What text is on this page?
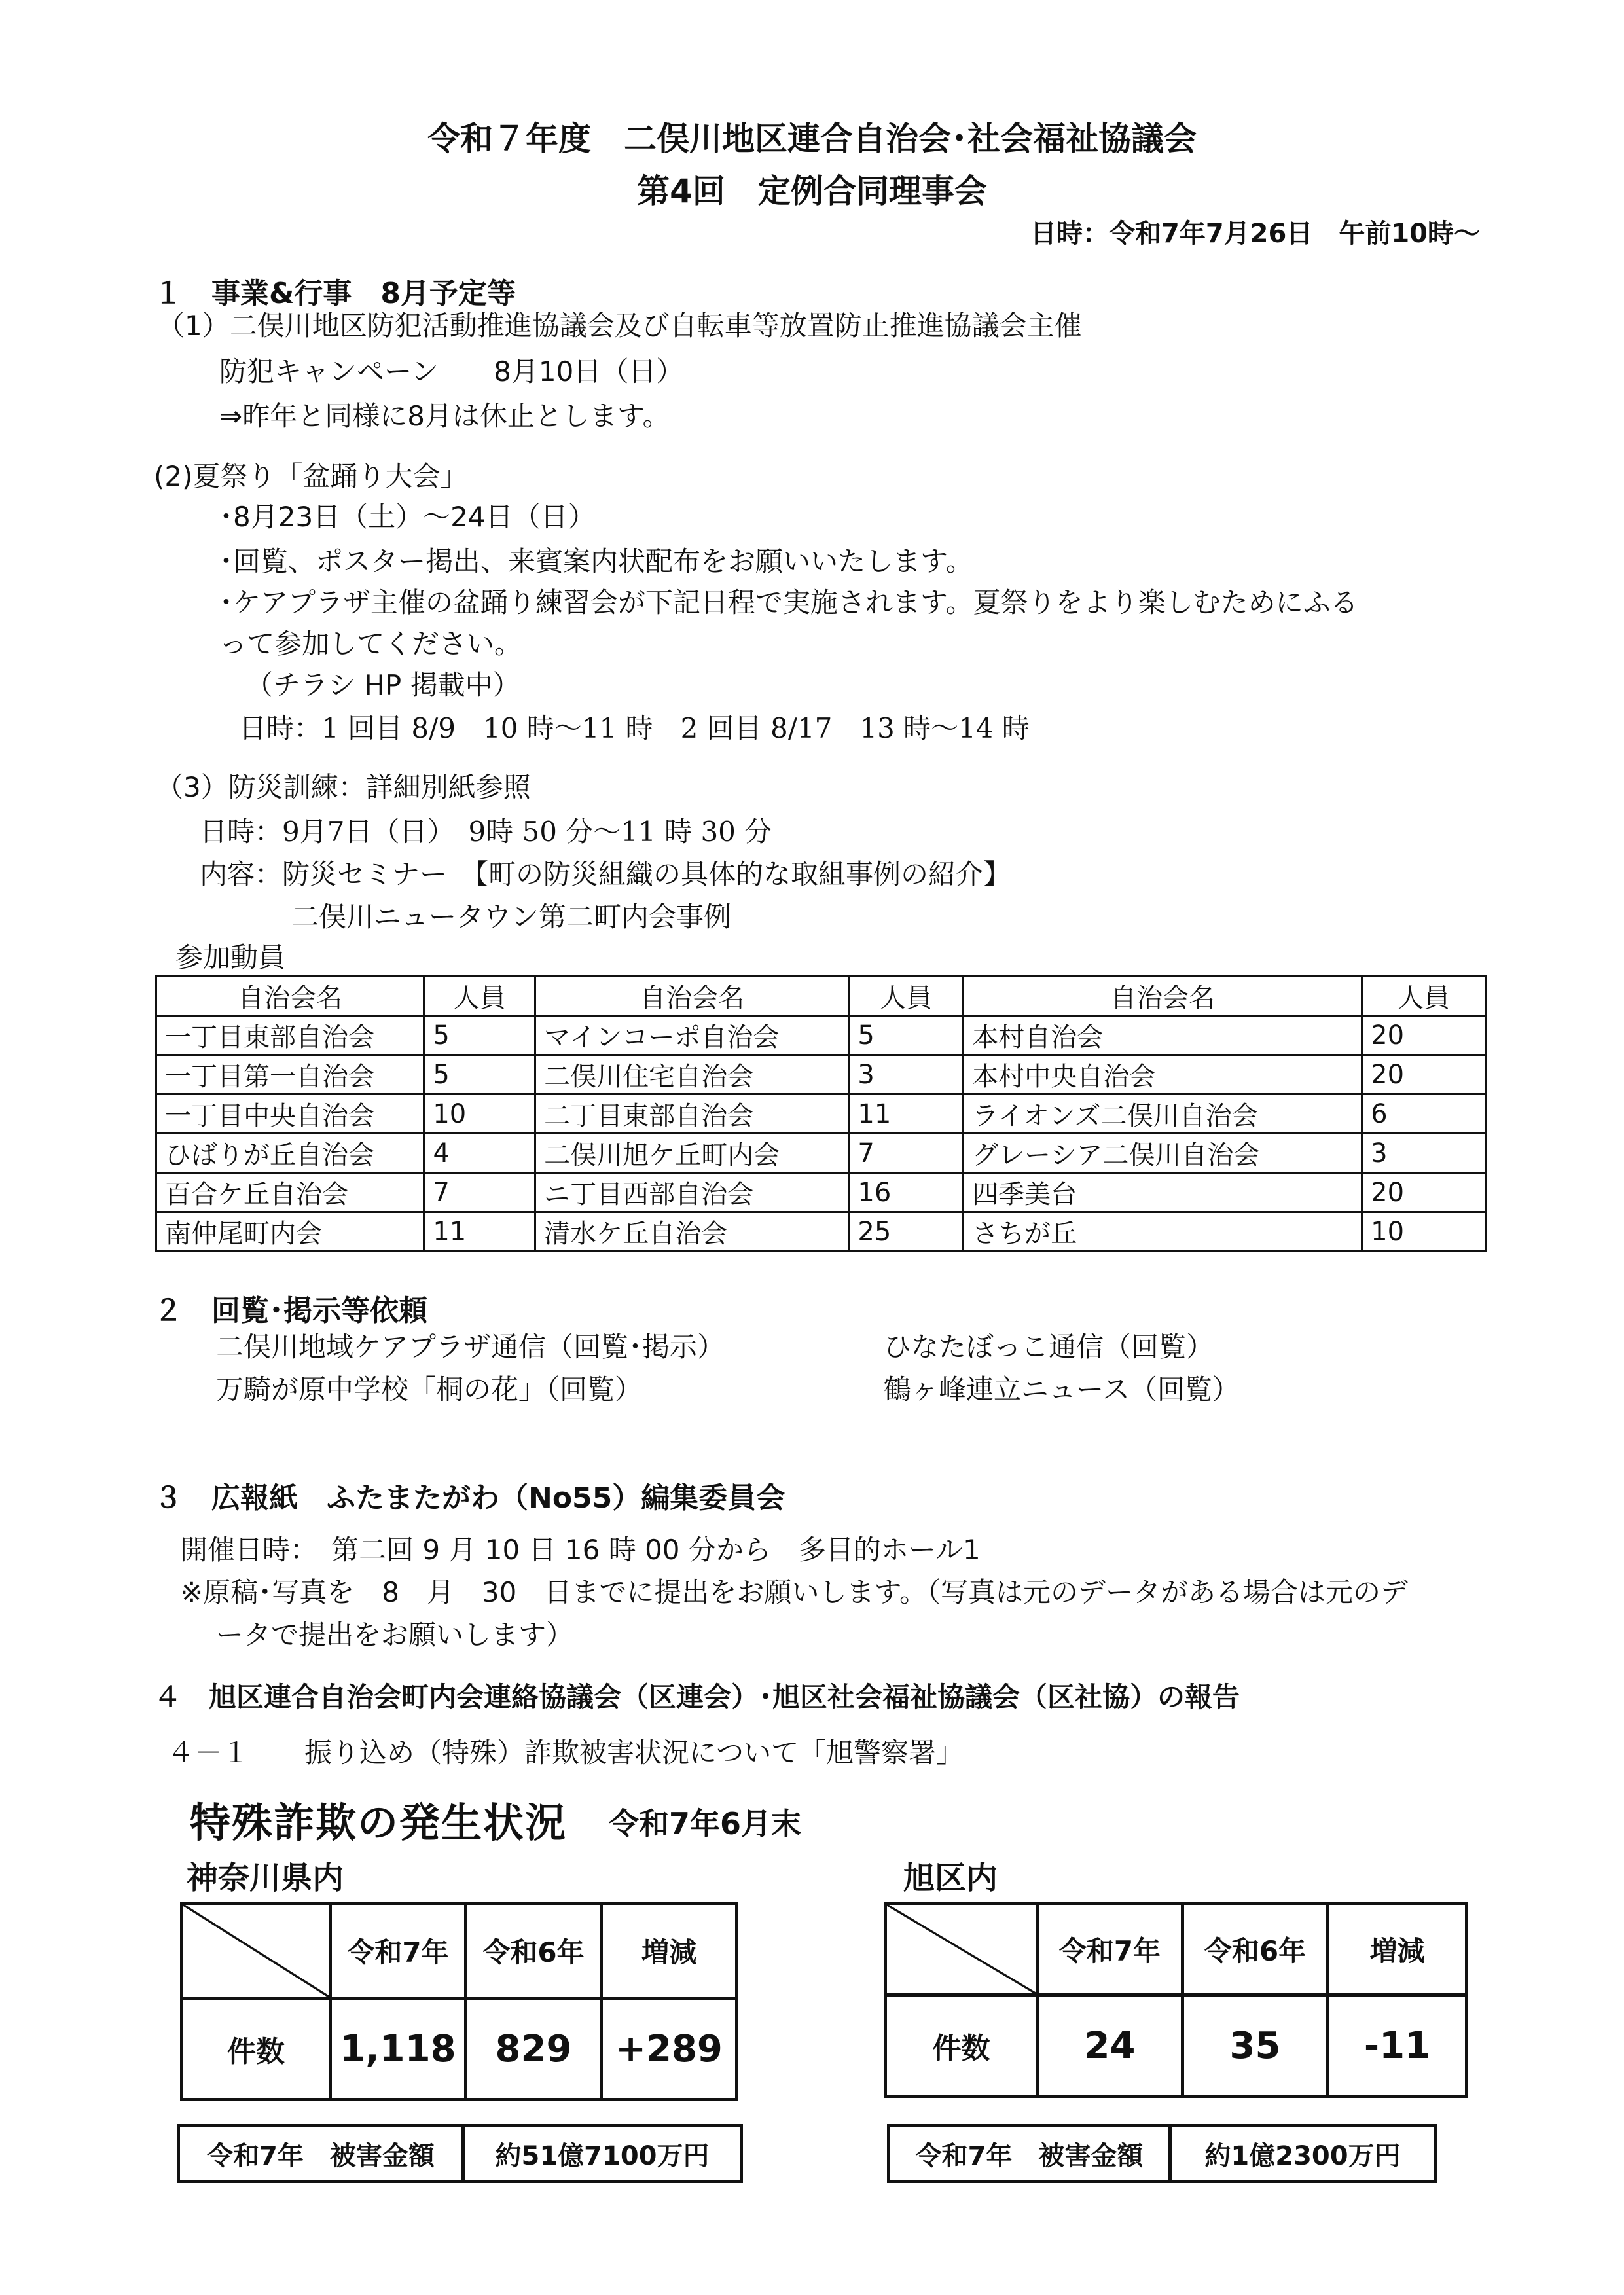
令和７年度　二俣川地区連合自治会･社会福祉協議会
第4回　定例合同理事会
日時：令和7年7月26日　午前10時～
１　事業&行事　8月予定等
（1）二俣川地区防犯活動推進協議会及び自転車等放置防止推進協議会主催
防犯キャンペーン　　8月10日（日）
⇒昨年と同様に8月は休止とします。
(2)夏祭り「盆踊り大会」
･8月23日（土）～24日（日）
･回覧、ポスター掲出、来賓案内状配布をお願いいたします。
･ケアプラザ主催の盆踊り練習会が下記日程で実施されます。夏祭りをより楽しむためにふる
って参加してください。
（チラシ HP 掲載中）
日時：1 回目 8/9　10 時～11 時　2 回目 8/17　13 時～14 時
（3）防災訓練：詳細別紙参照
日時：9月7日（日）　9時 50 分～11 時 30 分
内容：防災セミナー　【町の防災組織の具体的な取組事例の紹介】
二俣川ニュータウン第二町内会事例
参加動員
自治会名	人員	自治会名	人員	自治会名	人員
一丁目東部自治会	5	マインコーポ自治会	5	本村自治会	20
一丁目第一自治会	5	二俣川住宅自治会	3	本村中央自治会	20
一丁目中央自治会	10	二丁目東部自治会	11	ライオンズ二俣川自治会	6
ひばりが丘自治会	4	二俣川旭ケ丘町内会	7	グレーシア二俣川自治会	3
百合ケ丘自治会	7	ニ丁目西部自治会	16	四季美台	20
南仲尾町内会	11	清水ケ丘自治会	25	さちが丘	10
２　回覧･掲示等依頼
二俣川地域ケアプラザ通信（回覧･掲示）	ひなたぼっこ通信（回覧）
万騎が原中学校「桐の花」（回覧）	鶴ヶ峰連立ニュース（回覧）
３　広報紙　ふたまたがわ（No55）編集委員会
開催日時：　第二回 9 月 10 日 16 時 00 分から　多目的ホール1
※原稿･写真を　8　月　30　日までに提出をお願いします。（写真は元のデータがある場合は元のデ
ータで提出をお願いします）
４　旭区連合自治会町内会連絡協議会（区連会）･旭区社会福祉協議会（区社協）の報告
４－１　　振り込め（特殊）詐欺被害状況について「旭警察署」
特殊詐欺の発生状況 令和7年6月末
神奈川県内
	令和7年	令和6年	増減
件数	1,118	829	+289
令和7年　被害金額	約51億7100万円
旭区内
	令和7年	令和6年	増減
件数	24	35	-11
令和7年　被害金額	約1億2300万円
